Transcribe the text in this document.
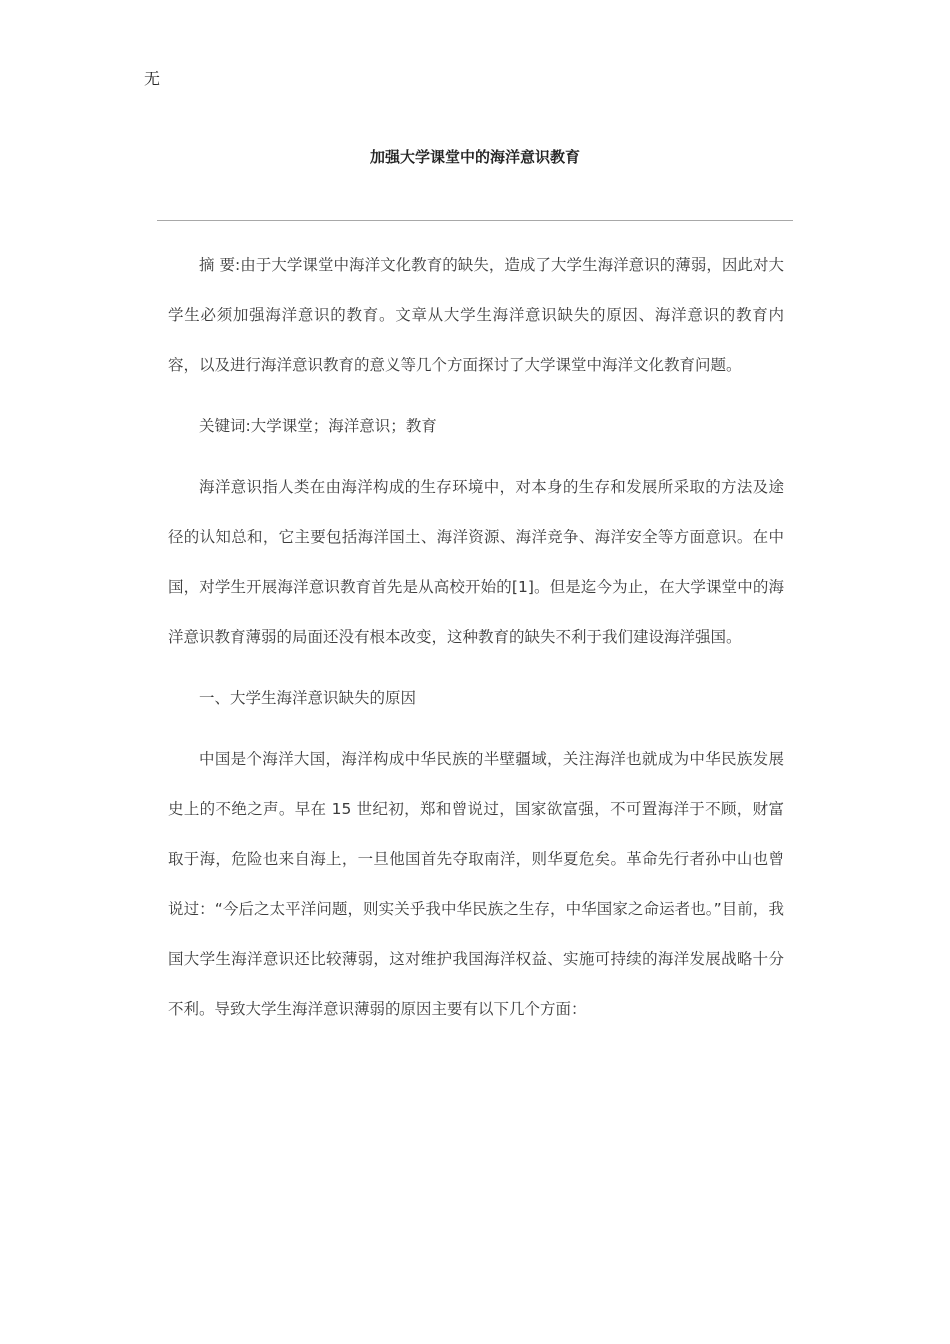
无
加强大学课堂中的海洋意识教育

摘 要:由于大学课堂中海洋文化教育的缺失，造成了大学生海洋意识的薄弱，因此对大学生必须加强海洋意识的教育。文章从大学生海洋意识缺失的原因、海洋意识的教育内容，以及进行海洋意识教育的意义等几个方面探讨了大学课堂中海洋文化教育问题。

关键词:大学课堂；海洋意识；教育

海洋意识指人类在由海洋构成的生存环境中，对本身的生存和发展所采取的方法及途径的认知总和，它主要包括海洋国土、海洋资源、海洋竞争、海洋安全等方面意识。在中国，对学生开展海洋意识教育首先是从高校开始的[1]。但是迄今为止，在大学课堂中的海洋意识教育薄弱的局面还没有根本改变，这种教育的缺失不利于我们建设海洋强国。

一、大学生海洋意识缺失的原因

中国是个海洋大国，海洋构成中华民族的半壁疆域，关注海洋也就成为中华民族发展史上的不绝之声。早在 15 世纪初，郑和曾说过，国家欲富强，不可置海洋于不顾，财富取于海，危险也来自海上，一旦他国首先夺取南洋，则华夏危矣。革命先行者孙中山也曾说过：“今后之太平洋问题，则实关乎我中华民族之生存，中华国家之命运者也。”目前，我国大学生海洋意识还比较薄弱，这对维护我国海洋权益、实施可持续的海洋发展战略十分不利。导致大学生海洋意识薄弱的原因主要有以下几个方面：
